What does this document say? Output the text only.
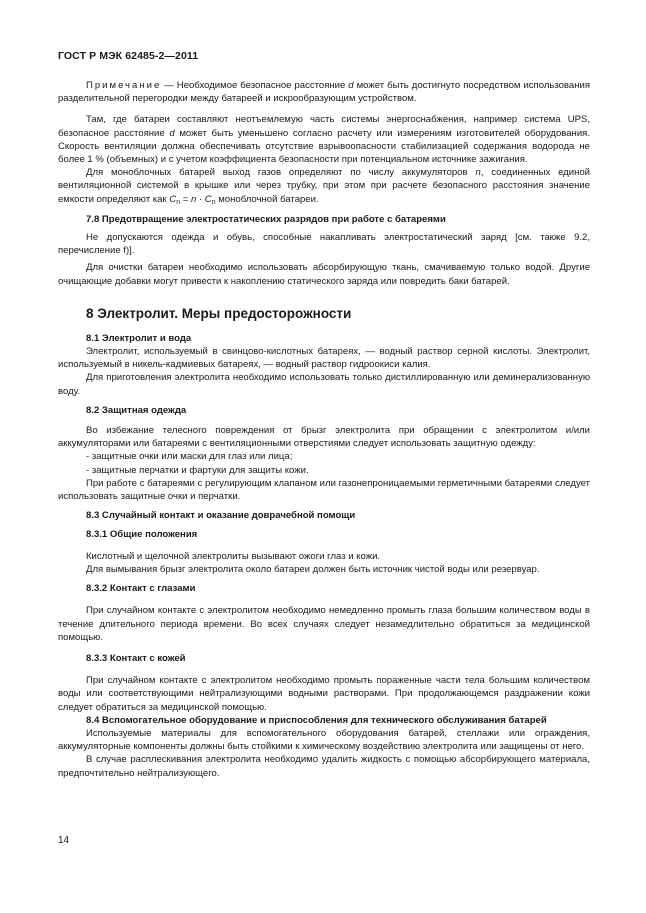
ГОСТ Р МЭК 62485-2—2011

Примечание — Необходимое безопасное расстояние d может быть достигнуто посредством использования разделительной перегородки между батареей и искрообразующим устройством.

Там, где батареи составляют неотъемлемую часть системы энергоснабжения, например система UPS, безопасное расстояние d может быть уменьшено согласно расчету или измерениям изготовителей оборудования. Скорость вентиляции должна обеспечивать отсутствие взрывоопасности стабилизацией содержания водорода не более 1 % (объемных) и с учетом коэффициента безопасности при потенциальном источнике зажигания.

Для моноблочных батарей выход газов определяют по числу аккумуляторов n, соединенных единой вентиляционной системой в крышке или через трубку, при этом при расчете безопасного расстояния значение емкости определяют как $C_n = n \cdot C_n$ моноблочной батареи.

7.8 Предотвращение электростатических разрядов при работе с батареями

Не допускаются одежда и обувь, способные накапливать электростатический заряд [см. также 9.2, перечисление f)].

Для очистки батареи необходимо использовать абсорбирующую ткань, смачиваемую только водой. Другие очищающие добавки могут привести к накоплению статического заряда или повредить баки батарей.

8 Электролит. Меры предосторожности

8.1 Электролит и вода

Электролит, используемый в свинцово-кислотных батареях, — водный раствор серной кислоты. Электролит, используемый в никель-кадмиевых батареях, — водный раствор гидроокиси калия.

Для приготовления электролита необходимо использовать только дистиллированную или деминерализованную воду.

8.2 Защитная одежда

Во избежание телесного повреждения от брызг электролита при обращении с электролитом и/или аккумуляторами или батареями с вентиляционными отверстиями следует использовать защитную одежду:

- защитные очки или маски для глаз или лица;

- защитные перчатки и фартуки для защиты кожи.

При работе с батареями с регулирующим клапаном или газонепроницаемыми герметичными батареями следует использовать защитные очки и перчатки.

8.3 Случайный контакт и оказание доврачебной помощи

8.3.1 Общие положения

Кислотный и щелочной электролиты вызывают ожоги глаз и кожи.

Для вымывания брызг электролита около батареи должен быть источник чистой воды или резервуар.

8.3.2 Контакт с глазами

При случайном контакте с электролитом необходимо немедленно промыть глаза большим количеством воды в течение длительного периода времени. Во всех случаях следует незамедлительно обратиться за медицинской помощью.

8.3.3 Контакт с кожей

При случайном контакте с электролитом необходимо промыть пораженные части тела большим количеством воды или соответствующими нейтрализующими водными растворами. При продолжающемся раздражении кожи следует обратиться за медицинской помощью.

8.4 Вспомогательное оборудование и приспособления для технического обслуживания батарей

Используемые материалы для вспомогательного оборудования батарей, стеллажи или ограждения, аккумуляторные компоненты должны быть стойкими к химическому воздействию электролита или защищены от него.

В случае расплескивания электролита необходимо удалить жидкость с помощью абсорбирующего материала, предпочтительно нейтрализующего.

14
